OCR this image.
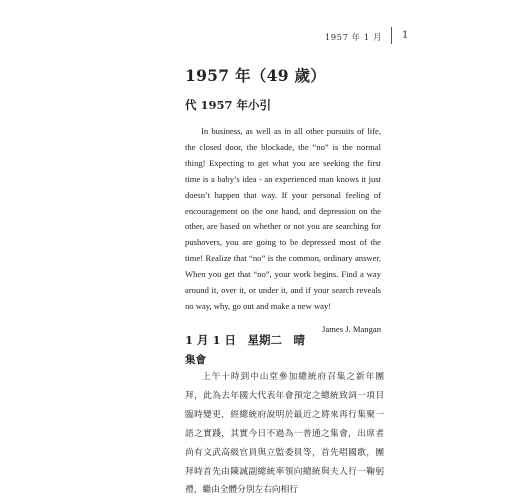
1957 年 1 月 1
1957 年（49 歲）
代 1957 年小引

In business, as well as in all other pursuits of life, the closed door, the blockade, the “no” is the normal thing! Expecting to get what you are seeking the first time is a baby’s idea - an experienced man knows it just doesn’t happen that way. If your personal feeling of encouragement on the one hand, and depression on the other, are based on whether or not you are searching for pushovers, you are going to be depressed most of the time! Realize that “no” is the common, ordinary answer. When you get that “no”, your work begins. Find a way around it, over it, or under it, and if your search reveals no way, why, go out and make a new way!

James J. Mangan

1 月 1 日　星期二　晴
集會

上午十時到中山堂參加總統府召集之新年團拜，此為去年國大代表年會預定之總統致詞一項目臨時變更，經總統府說明於最近之將來再行集聚一語之實踐，其實今日不過為一普通之集會，出席者尚有文武高級官員與立監委員等，首先唱國歌，團拜時首先由陳誠副總統率領向總統與夫人行一鞠躬禮，繼由全體分別左右向相行
